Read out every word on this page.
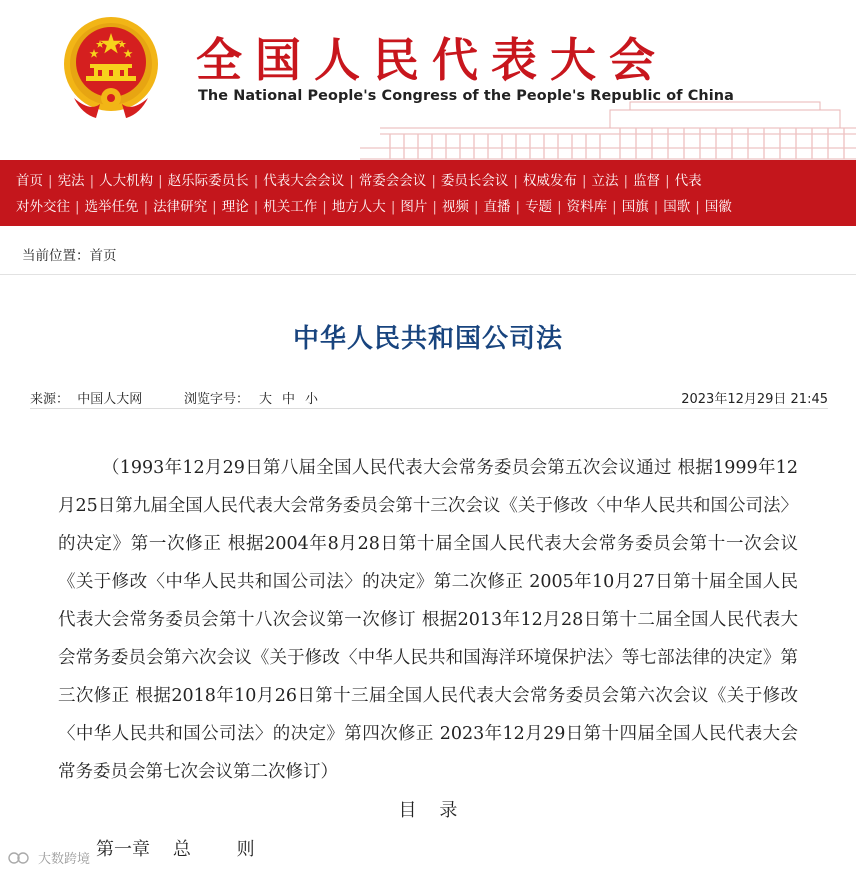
全国人民代表大会
The National People's Congress of the People's Republic of China
首页 | 宪法 | 人大机构 | 赵乐际委员长 | 代表大会会议 | 常委会会议 | 委员长会议 | 权威发布 | 立法 | 监督 | 代表
对外交往 | 选举任免 | 法律研究 | 理论 | 机关工作 | 地方人大 | 图片 | 视频 | 直播 | 专题 | 资料库 | 国旗 | 国歌 | 国徽
当前位置：首页
中华人民共和国公司法
来源： 中国人大网	浏览字号： 大 中 小	2023年12月29日 21:45
（1993年12月29日第八届全国人民代表大会常务委员会第五次会议通过 根据1999年12月25日第九届全国人民代表大会常务委员会第十三次会议《关于修改〈中华人民共和国公司法〉的决定》第一次修正 根据2004年8月28日第十届全国人民代表大会常务委员会第十一次会议《关于修改〈中华人民共和国公司法〉的决定》第二次修正 2005年10月27日第十届全国人民代表大会常务委员会第十八次会议第一次修订 根据2013年12月28日第十二届全国人民代表大会常务委员会第六次会议《关于修改〈中华人民共和国海洋环境保护法〉等七部法律的决定》第三次修正 根据2018年10月26日第十三届全国人民代表大会常务委员会第六次会议《关于修改〈中华人民共和国公司法〉的决定》第四次修正 2023年12月29日第十四届全国人民代表大会常务委员会第七次会议第二次修订）
目    录
第一章    总        则
大数跨境
